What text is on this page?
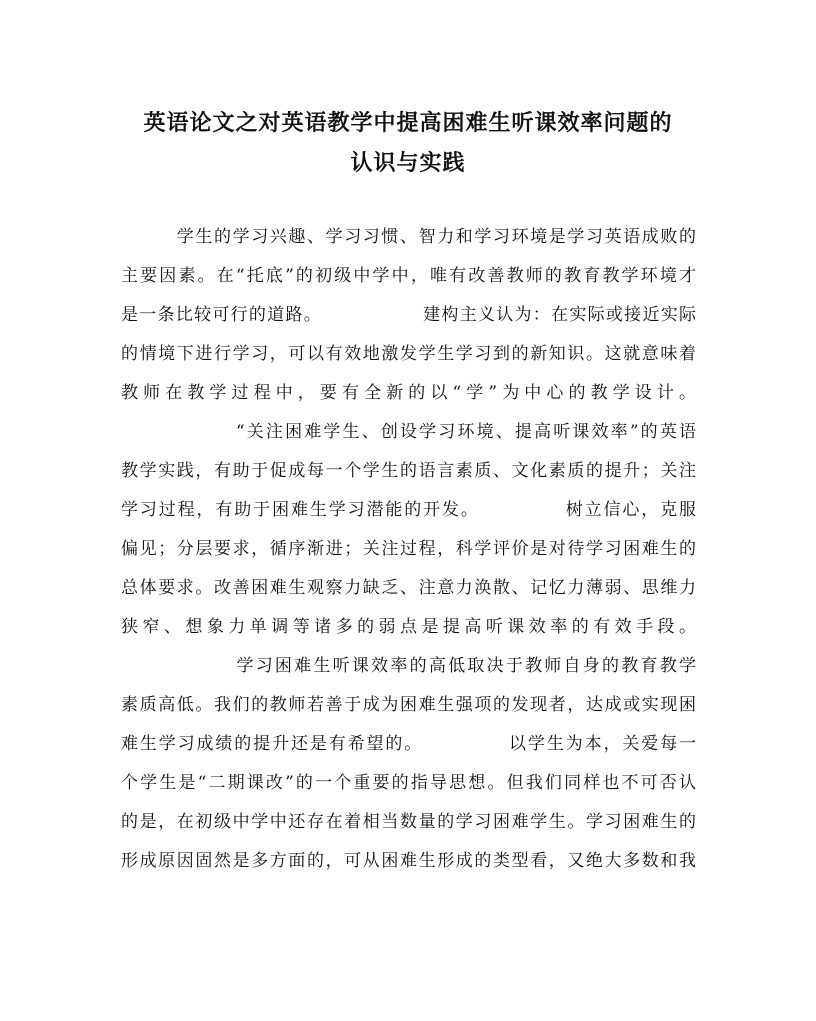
英语论文之对英语教学中提高困难生听课效率问题的
认识与实践
　　　学生的学习兴趣、学习习惯、智力和学习环境是学习英语成败的
主要因素。在“托底”的初级中学中，唯有改善教师的教育教学环境才
是一条比较可行的道路。　　　　　　建构主义认为：在实际或接近实际
的情境下进行学习，可以有效地激发学生学习到的新知识。这就意味着
教师在教学过程中，要有全新的以“学”为中心的教学设计。
　　　　　　“关注困难学生、创设学习环境、提高听课效率”的英语
教学实践，有助于促成每一个学生的语言素质、文化素质的提升；关注
学习过程，有助于困难生学习潜能的开发。　　　　　树立信心，克服
偏见；分层要求，循序渐进；关注过程，科学评价是对待学习困难生的
总体要求。改善困难生观察力缺乏、注意力涣散、记忆力薄弱、思维力
狭窄、想象力单调等诸多的弱点是提高听课效率的有效手段。
　　　　　　学习困难生听课效率的高低取决于教师自身的教育教学
素质高低。我们的教师若善于成为困难生强项的发现者，达成或实现困
难生学习成绩的提升还是有希望的。　　　　　以学生为本，关爱每一
个学生是“二期课改”的一个重要的指导思想。但我们同样也不可否认
的是，在初级中学中还存在着相当数量的学习困难学生。学习困难生的
形成原因固然是多方面的，可从困难生形成的类型看，又绝大多数和我
